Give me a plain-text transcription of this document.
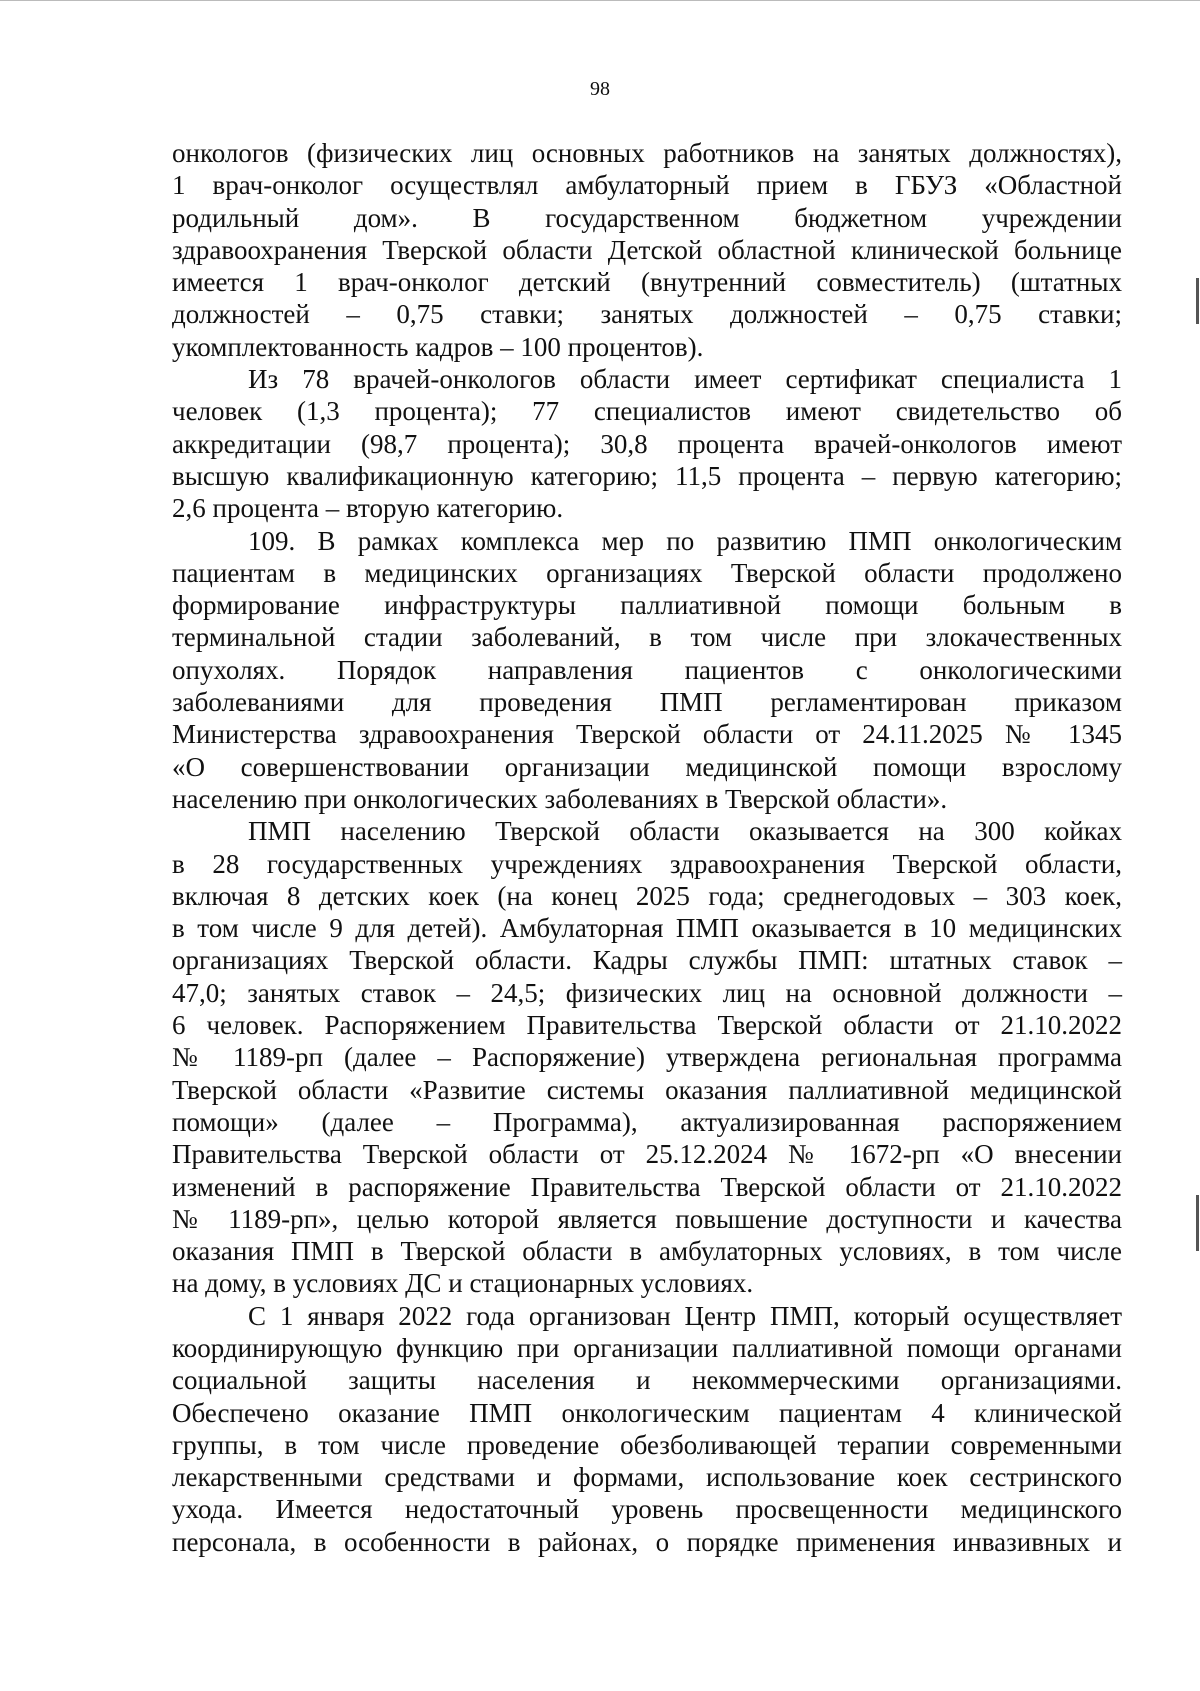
98
онкологов (физических лиц основных работников на занятых должностях),
1 врач-онколог осуществлял амбулаторный прием в ГБУЗ «Областной
родильный дом». В государственном бюджетном учреждении
здравоохранения Тверской области Детской областной клинической больнице
имеется 1 врач-онколог детский (внутренний совместитель) (штатных
должностей – 0,75 ставки; занятых должностей – 0,75 ставки;
укомплектованность кадров – 100 процентов).
Из 78 врачей-онкологов области имеет сертификат специалиста 1
человек (1,3 процента); 77 специалистов имеют свидетельство об
аккредитации (98,7 процента); 30,8 процента врачей-онкологов имеют
высшую квалификационную категорию; 11,5 процента – первую категорию;
2,6 процента – вторую категорию.
109. В рамках комплекса мер по развитию ПМП онкологическим
пациентам в медицинских организациях Тверской области продолжено
формирование инфраструктуры паллиативной помощи больным в
терминальной стадии заболеваний, в том числе при злокачественных
опухолях. Порядок направления пациентов с онкологическими
заболеваниями для проведения ПМП регламентирован приказом
Министерства здравоохранения Тверской области от 24.11.2025 № 1345
«О совершенствовании организации медицинской помощи взрослому
населению при онкологических заболеваниях в Тверской области».
ПМП населению Тверской области оказывается на 300 койках
в 28 государственных учреждениях здравоохранения Тверской области,
включая 8 детских коек (на конец 2025 года; среднегодовых – 303 коек,
в том числе 9 для детей). Амбулаторная ПМП оказывается в 10 медицинских
организациях Тверской области. Кадры службы ПМП: штатных ставок –
47,0; занятых ставок – 24,5; физических лиц на основной должности –
6 человек. Распоряжением Правительства Тверской области от 21.10.2022
№ 1189-рп (далее – Распоряжение) утверждена региональная программа
Тверской области «Развитие системы оказания паллиативной медицинской
помощи» (далее – Программа), актуализированная распоряжением
Правительства Тверской области от 25.12.2024 № 1672-рп «О внесении
изменений в распоряжение Правительства Тверской области от 21.10.2022
№ 1189-рп», целью которой является повышение доступности и качества
оказания ПМП в Тверской области в амбулаторных условиях, в том числе
на дому, в условиях ДС и стационарных условиях.
С 1 января 2022 года организован Центр ПМП, который осуществляет
координирующую функцию при организации паллиативной помощи органами
социальной защиты населения и некоммерческими организациями.
Обеспечено оказание ПМП онкологическим пациентам 4 клинической
группы, в том числе проведение обезболивающей терапии современными
лекарственными средствами и формами, использование коек сестринского
ухода. Имеется недостаточный уровень просвещенности медицинского
персонала, в особенности в районах, о порядке применения инвазивных и
